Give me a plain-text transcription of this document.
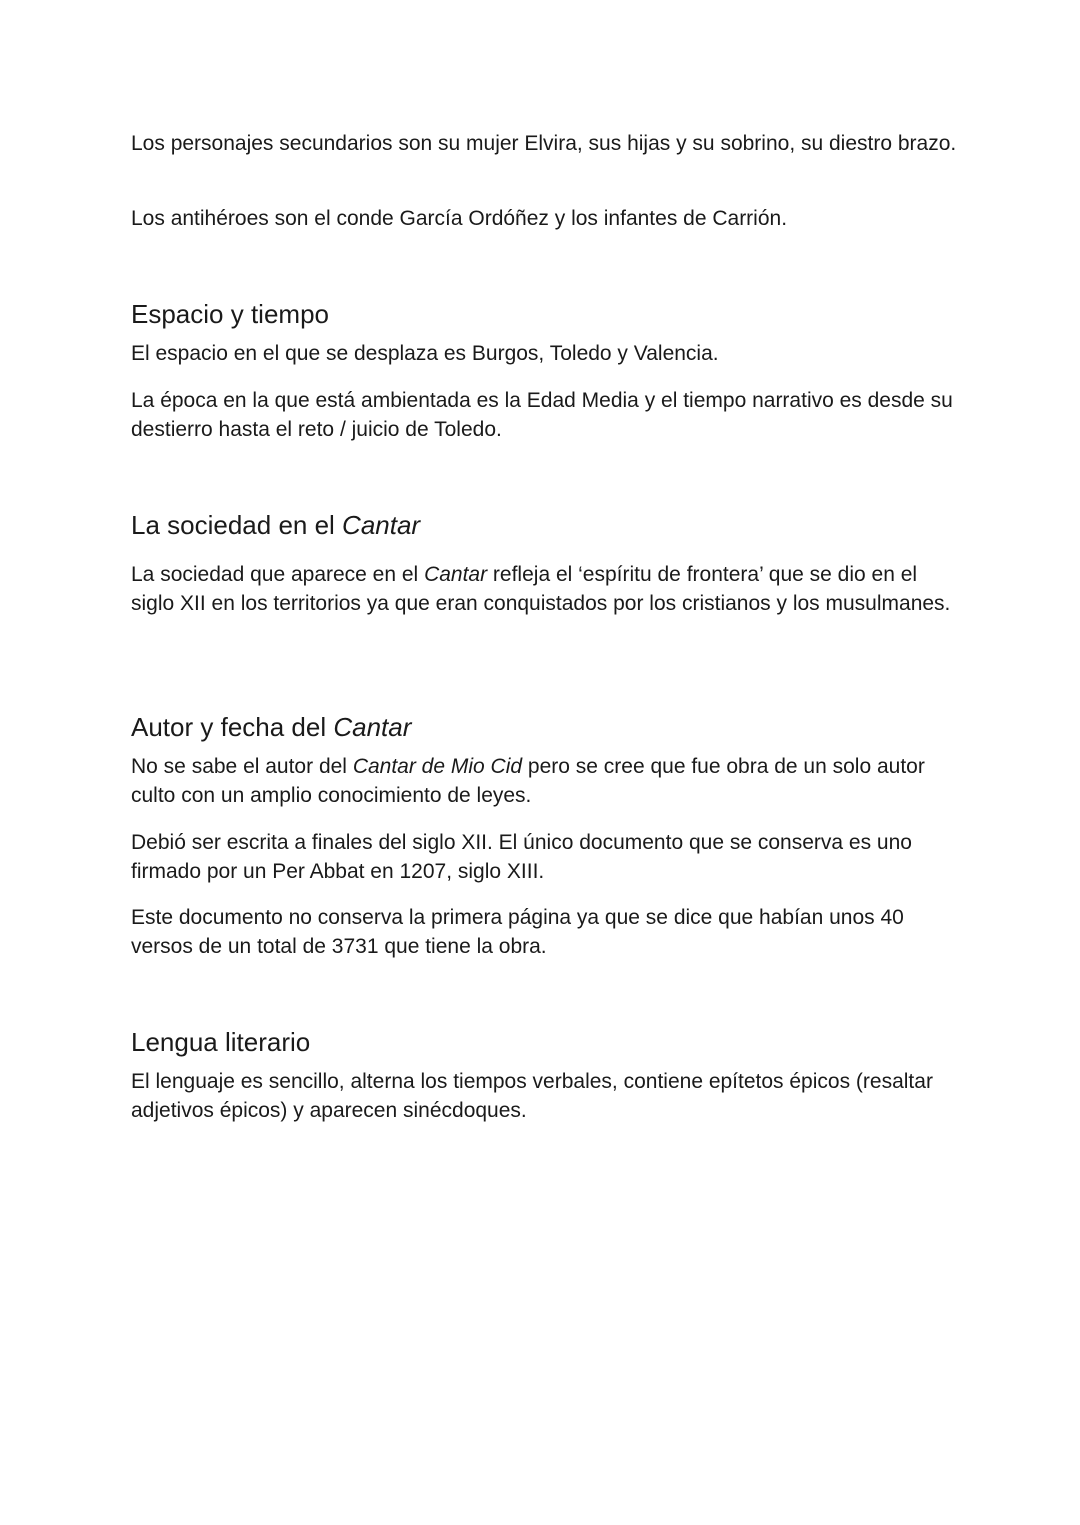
Los personajes secundarios son su mujer Elvira, sus hijas y su sobrino, su diestro brazo.

Los antihéroes son el conde García Ordóñez y los infantes de Carrión.

Espacio y tiempo

El espacio en el que se desplaza es Burgos, Toledo y Valencia.

La época en la que está ambientada es la Edad Media y el tiempo narrativo es desde su destierro hasta el reto / juicio de Toledo.

La sociedad en el Cantar

La sociedad que aparece en el Cantar refleja el ‘espíritu de frontera’ que se dio en el siglo XII en los territorios ya que eran conquistados por los cristianos y los musulmanes.

Autor y fecha del Cantar

No se sabe el autor del Cantar de Mio Cid pero se cree que fue obra de un solo autor culto con un amplio conocimiento de leyes.

Debió ser escrita a finales del siglo XII. El único documento que se conserva es uno firmado por un Per Abbat en 1207, siglo XIII.

Este documento no conserva la primera página ya que se dice que habían unos 40 versos de un total de 3731 que tiene la obra.

Lengua literario

El lenguaje es sencillo, alterna los tiempos verbales, contiene epítetos épicos (resaltar adjetivos épicos) y aparecen sinécdoques.
